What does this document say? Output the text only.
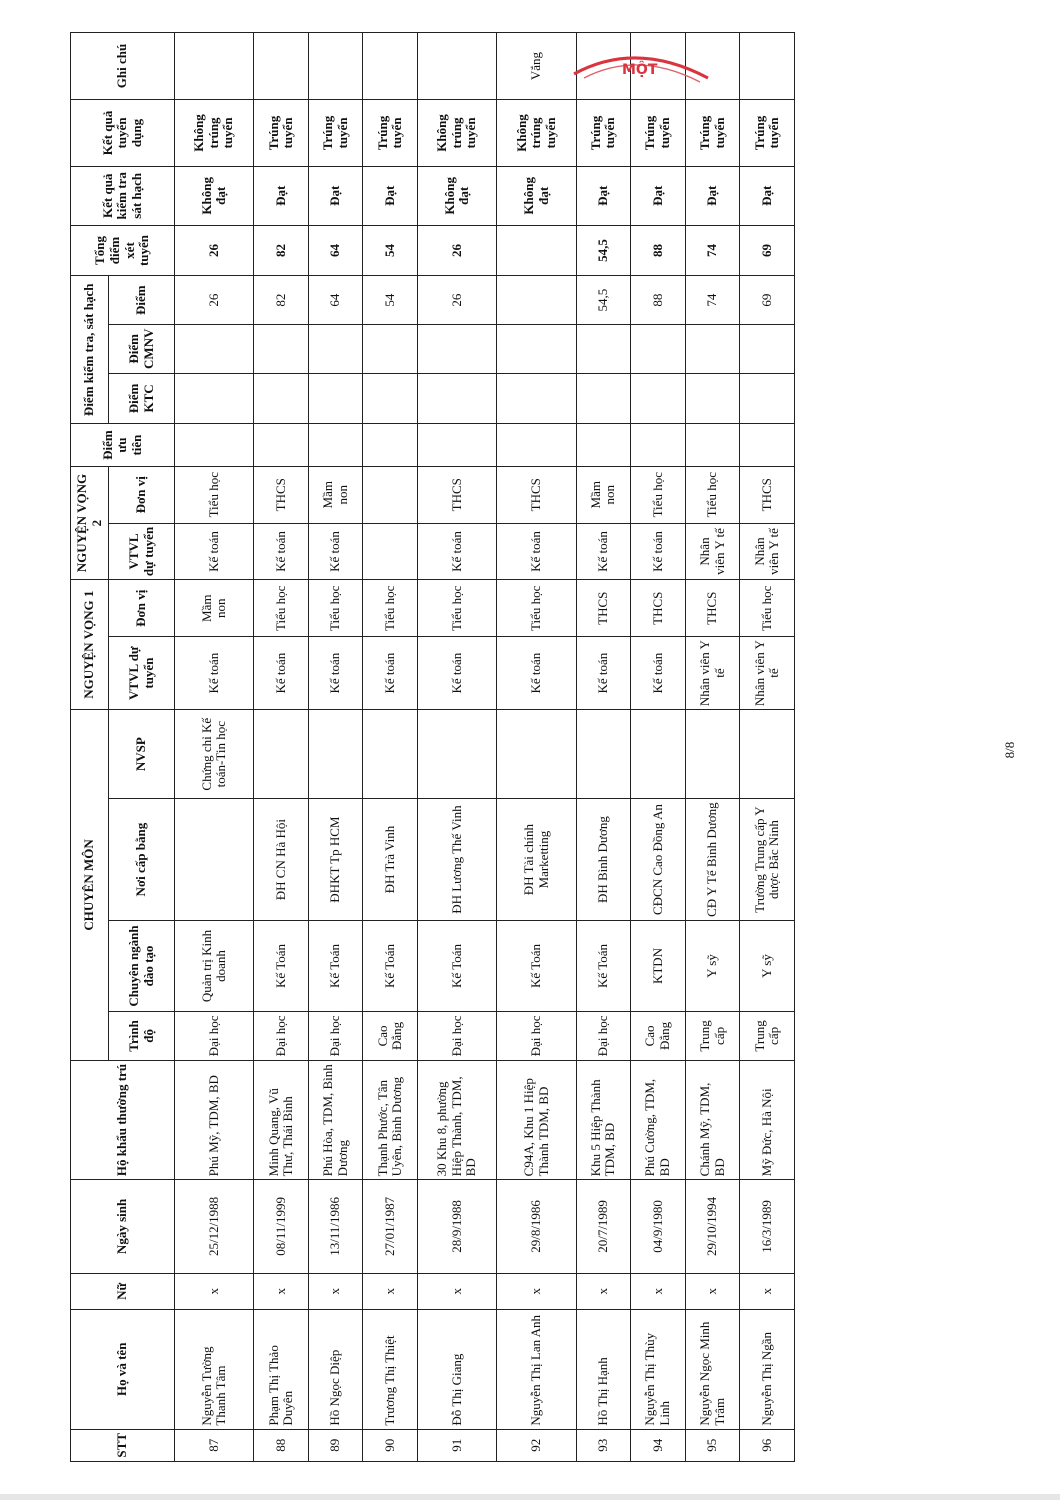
STT	Họ và tên	Nữ	Ngày sinh	Hộ khẩu thường trú	CHUYÊN MÔN				NGUYỆN VỌNG 1		NGUYỆN VỌNG 2		Điểm ưu tiên	Điểm kiểm tra, sát hạch			Tổng điểm xét tuyển	Kết quả kiểm tra sát hạch	Kết quả tuyển dụng	Ghi chú
					Trình độ	Chuyên ngành đào tạo	Nơi cấp bằng	NVSP	VTVL dự tuyển	Đơn vị	VTVL dự tuyển	Đơn vị		Điểm KTC	Điểm CMNV	Điểm				
87	Nguyễn Tường Thanh Tâm	x	25/12/1988	Phú Mỹ, TDM, BD	Đại học	Quản trị Kinh doanh		Chứng chỉ Kế toán-Tin học	Kế toán	Mầm non	Kế toán	Tiểu học				26	26	Không đạt	Không trúng tuyển	
88	Phạm Thị Thảo Duyên	x	08/11/1999	Minh Quang, Vũ Thư, Thái Bình	Đại học	Kế Toán	ĐH CN Hà Hội		Kế toán	Tiểu học	Kế toán	THCS				82	82	Đạt	Trúng tuyển	
89	Hồ Ngọc Diệp	x	13/11/1986	Phú Hòa, TDM, Bình Dương	Đại học	Kế Toán	ĐHKT Tp HCM		Kế toán	Tiểu học	Kế toán	Mầm non				64	64	Đạt	Trúng tuyển	
90	Trương Thị Thiệt	x	27/01/1987	Thạnh Phước, Tân Uyên, Bình Dương	Cao Đẳng	Kế Toán	ĐH Trà Vinh		Kế toán	Tiểu học						54	54	Đạt	Trúng tuyển	
91	Đỗ Thị Giang	x	28/9/1988	30 Khu 8, phường Hiệp Thành, TDM, BD	Đại học	Kế Toán	ĐH Lương Thế Vinh		Kế toán	Tiểu học	Kế toán	THCS				26	26	Không đạt	Không trúng tuyển	
92	Nguyễn Thị Lan Anh	x	29/8/1986	C94A, Khu 1 Hiệp Thành TDM, BD	Đại học	Kế Toán	ĐH Tài chính Marketting		Kế toán	Tiểu học	Kế toán	THCS						Không đạt	Không trúng tuyển	Vắng
93	Hồ Thị Hạnh	x	20/7/1989	Khu 5 Hiệp Thành TDM, BD	Đại học	Kế Toán	ĐH Bình Dương		Kế toán	THCS	Kế toán	Mầm non				54,5	54,5	Đạt	Trúng tuyển	
94	Nguyễn Thị Thùy Linh	x	04/9/1980	Phú Cường, TDM, BD	Cao Đẳng	KTDN	CĐCN Cao Đồng An		Kế toán	THCS	Kế toán	Tiểu học				88	88	Đạt	Trúng tuyển	
95	Nguyễn Ngọc Minh Trâm	x	29/10/1994	Chánh Mỹ, TDM, BD	Trung cấp	Y sỹ	CĐ Y Tế Bình Dương		Nhân viên Y tế	THCS	Nhân viên Y tế	Tiểu học				74	74	Đạt	Trúng tuyển	
96	Nguyễn Thị Ngần	x	16/3/1989	Mỹ Đức, Hà Nội	Trung cấp	Y sỹ	Trường Trung cấp Y dược Bắc Ninh		Nhân viên Y tế	Tiểu học	Nhân viên Y tế	THCS				69	69	Đạt	Trúng tuyển	
MỘT
8/8
